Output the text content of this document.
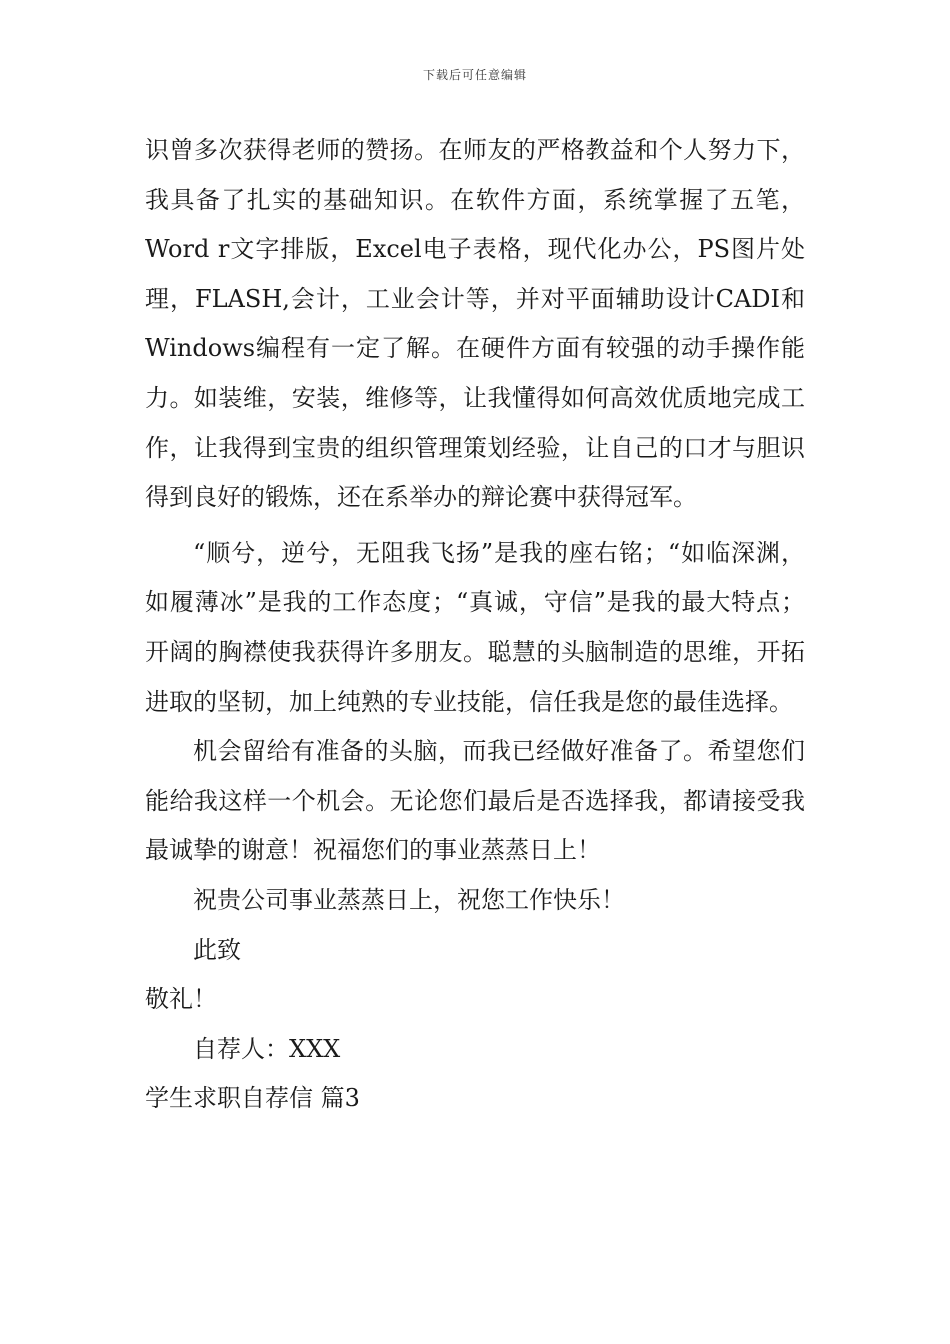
下载后可任意编辑

识曾多次获得老师的赞扬。在师友的严格教益和个人努力下，我具备了扎实的基础知识。在软件方面，系统掌握了五笔，Word r文字排版，Excel电子表格，现代化办公，PS图片处理，FLASH,会计，工业会计等，并对平面辅助设计CADI和Windows编程有一定了解。在硬件方面有较强的动手操作能力。如装维，安装，维修等，让我懂得如何高效优质地完成工作，让我得到宝贵的组织管理策划经验，让自己的口才与胆识得到良好的锻炼，还在系举办的辩论赛中获得冠军。

“顺兮，逆兮，无阻我飞扬”是我的座右铭；“如临深渊，如履薄冰”是我的工作态度；“真诚，守信”是我的最大特点；开阔的胸襟使我获得许多朋友。聪慧的头脑制造的思维，开拓进取的坚韧，加上纯熟的专业技能，信任我是您的最佳选择。

机会留给有准备的头脑，而我已经做好准备了。希望您们能给我这样一个机会。无论您们最后是否选择我，都请接受我最诚挚的谢意！祝福您们的事业蒸蒸日上！

祝贵公司事业蒸蒸日上，祝您工作快乐！

此致

敬礼！

自荐人：XXX

学生求职自荐信 篇3
